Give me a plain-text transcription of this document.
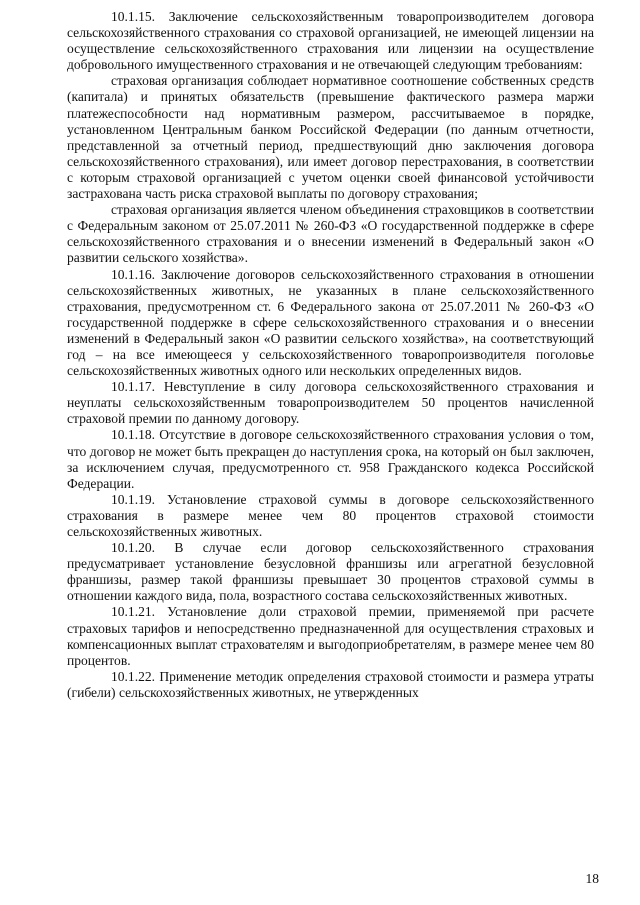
10.1.15. Заключение сельскохозяйственным товаропроизводителем договора сельскохозяйственного страхования со страховой организацией, не имеющей лицензии на осуществление сельскохозяйственного страхования или лицензии на осуществление добровольного имущественного страхования и не отвечающей следующим требованиям:

страховая организация соблюдает нормативное соотношение собственных средств (капитала) и принятых обязательств (превышение фактического размера маржи платежеспособности над нормативным размером, рассчитываемое в порядке, установленном Центральным банком Российской Федерации (по данным отчетности, представленной за отчетный период, предшествующий дню заключения договора сельскохозяйственного страхования), или имеет договор перестрахования, в соответствии с которым страховой организацией с учетом оценки своей финансовой устойчивости застрахована часть риска страховой выплаты по договору страхования;

страховая организация является членом объединения страховщиков в соответствии с Федеральным законом от 25.07.2011 № 260-ФЗ «О государственной поддержке в сфере сельскохозяйственного страхования и о внесении изменений в Федеральный закон «О развитии сельского хозяйства».

10.1.16. Заключение договоров сельскохозяйственного страхования в отношении сельскохозяйственных животных, не указанных в плане сельскохозяйственного страхования, предусмотренном ст. 6 Федерального закона от 25.07.2011 № 260-ФЗ «О государственной поддержке в сфере сельскохозяйственного страхования и о внесении изменений в Федеральный закон «О развитии сельского хозяйства», на соответствующий год – на все имеющееся у сельскохозяйственного товаропроизводителя поголовье сельскохозяйственных животных одного или нескольких определенных видов.

10.1.17. Невступление в силу договора сельскохозяйственного страхования и неуплаты сельскохозяйственным товаропроизводителем 50 процентов начисленной страховой премии по данному договору.

10.1.18. Отсутствие в договоре сельскохозяйственного страхования условия о том, что договор не может быть прекращен до наступления срока, на который он был заключен, за исключением случая, предусмотренного ст. 958 Гражданского кодекса Российской Федерации.

10.1.19. Установление страховой суммы в договоре сельскохозяйственного страхования в размере менее чем 80 процентов страховой стоимости сельскохозяйственных животных.

10.1.20. В случае если договор сельскохозяйственного страхования предусматривает установление безусловной франшизы или агрегатной безусловной франшизы, размер такой франшизы превышает 30 процентов страховой суммы в отношении каждого вида, пола, возрастного состава сельскохозяйственных животных.

10.1.21. Установление доли страховой премии, применяемой при расчете страховых тарифов и непосредственно предназначенной для осуществления страховых и компенсационных выплат страхователям и выгодоприобретателям, в размере менее чем 80 процентов.

10.1.22. Применение методик определения страховой стоимости и размера утраты (гибели) сельскохозяйственных животных, не утвержденных

18
